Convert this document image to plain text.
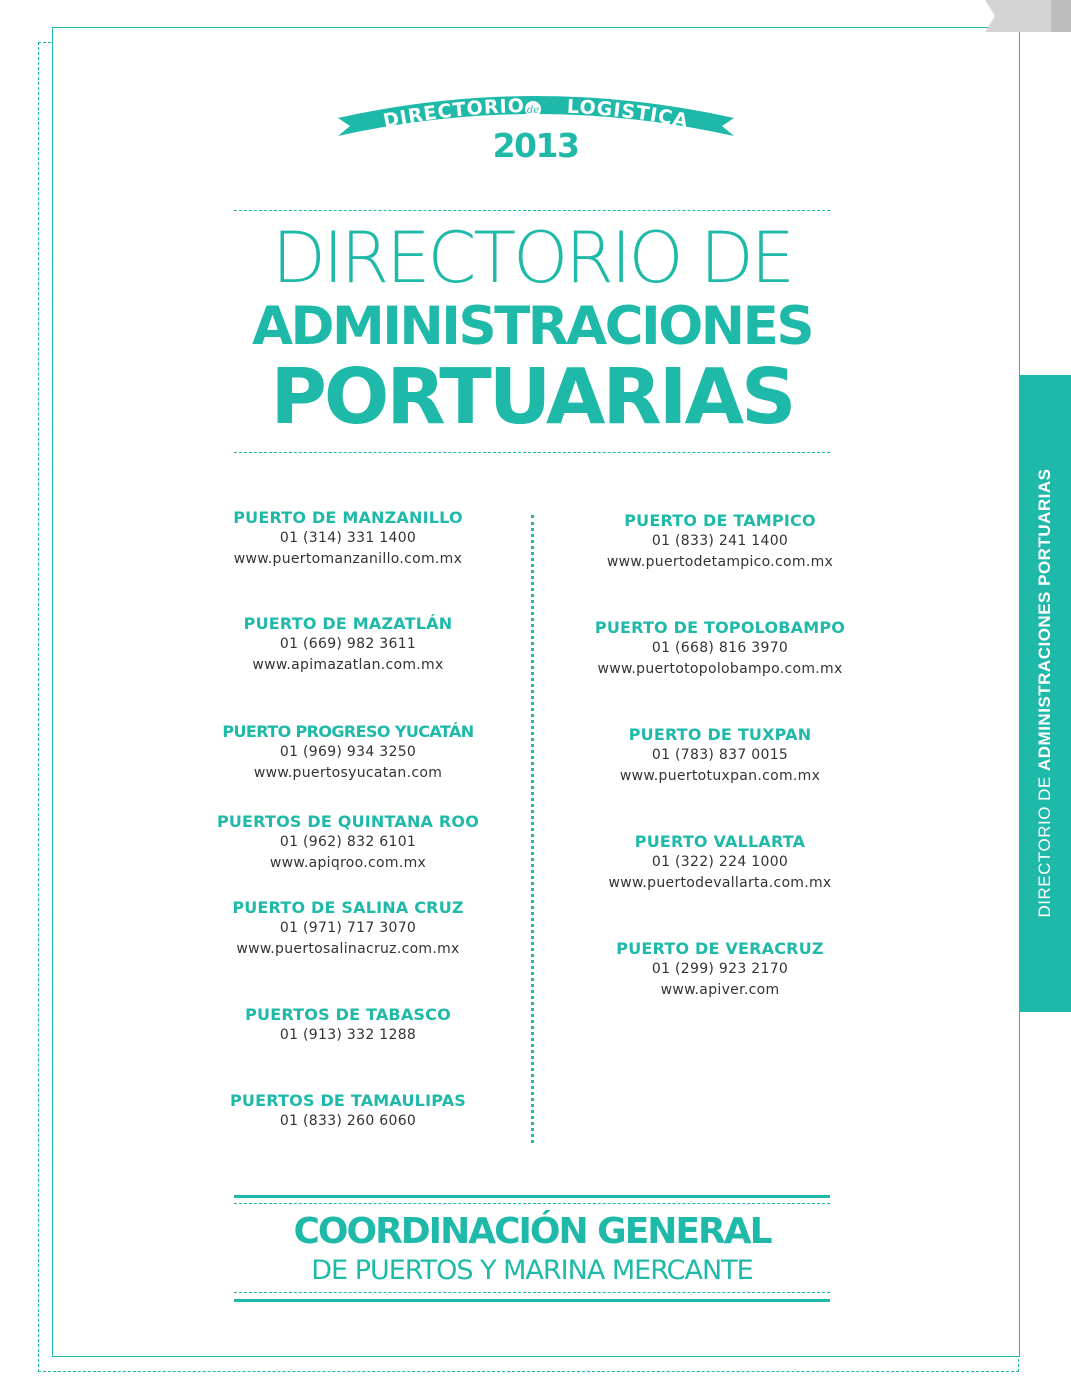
DIRECTORIO DE ADMINISTRACIONES PORTUARIAS
DIRECTORIO LOGISTICA
de
2013
DIRECTORIO DE
ADMINISTRACIONES
PORTUARIAS
PUERTO DE MANZANILLO
01 (314) 331 1400
www.puertomanzanillo.com.mx
PUERTO DE MAZATLÁN
01 (669) 982 3611
www.apimazatlan.com.mx
PUERTO PROGRESO YUCATÁN
01 (969) 934 3250
www.puertosyucatan.com
PUERTOS DE QUINTANA ROO
01 (962) 832 6101
www.apiqroo.com.mx
PUERTO DE SALINA CRUZ
01 (971) 717 3070
www.puertosalinacruz.com.mx
PUERTOS DE TABASCO
01 (913) 332 1288
PUERTOS DE TAMAULIPAS
01 (833) 260 6060
PUERTO DE TAMPICO
01 (833) 241 1400
www.puertodetampico.com.mx
PUERTO DE TOPOLOBAMPO
01 (668) 816 3970
www.puertotopolobampo.com.mx
PUERTO DE TUXPAN
01 (783) 837 0015
www.puertotuxpan.com.mx
PUERTO VALLARTA
01 (322) 224 1000
www.puertodevallarta.com.mx
PUERTO DE VERACRUZ
01 (299) 923 2170
www.apiver.com
COORDINACIÓN GENERAL
DE PUERTOS Y MARINA MERCANTE
